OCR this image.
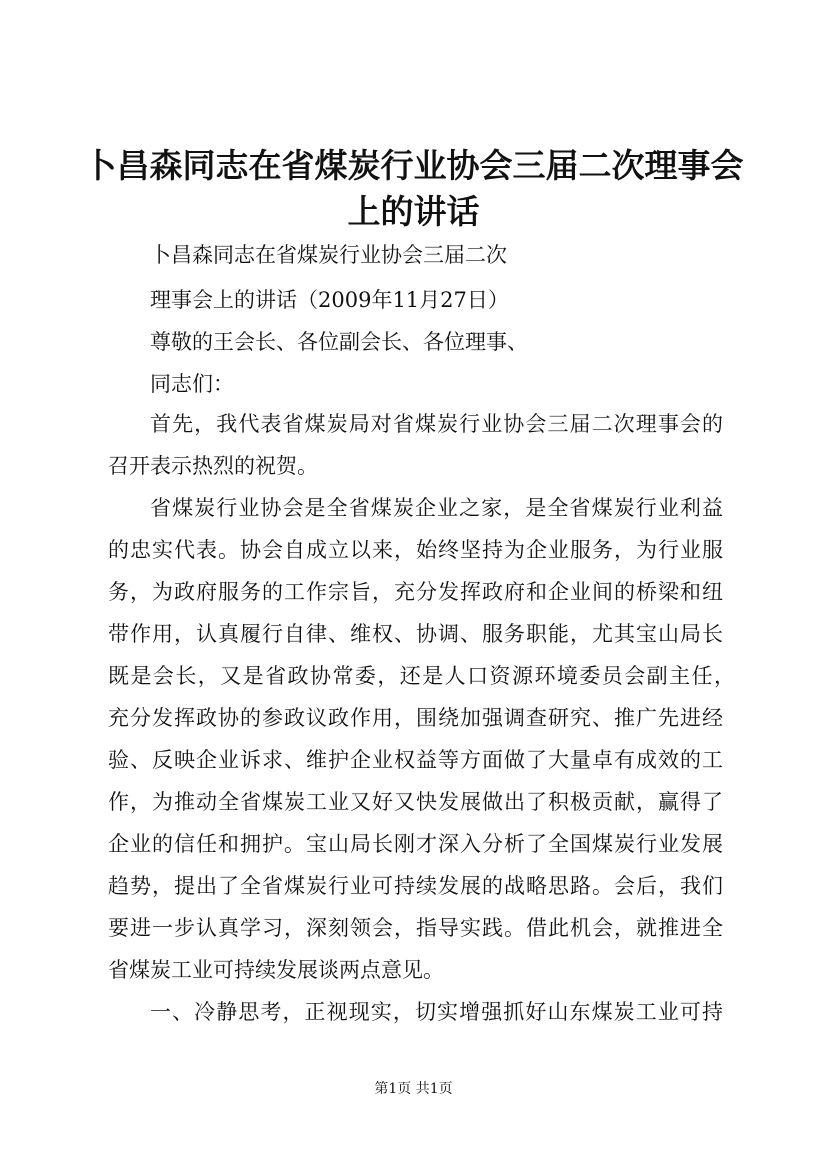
卜昌森同志在省煤炭行业协会三届二次理事会
上的讲话
卜昌森同志在省煤炭行业协会三届二次
理事会上的讲话（2009年11月27日）
尊敬的王会长、各位副会长、各位理事、
同志们：
首先，我代表省煤炭局对省煤炭行业协会三届二次理事会的
召开表示热烈的祝贺。
省煤炭行业协会是全省煤炭企业之家，是全省煤炭行业利益
的忠实代表。协会自成立以来，始终坚持为企业服务，为行业服
务，为政府服务的工作宗旨，充分发挥政府和企业间的桥梁和纽
带作用，认真履行自律、维权、协调、服务职能，尤其宝山局长
既是会长，又是省政协常委，还是人口资源环境委员会副主任，
充分发挥政协的参政议政作用，围绕加强调查研究、推广先进经
验、反映企业诉求、维护企业权益等方面做了大量卓有成效的工
作，为推动全省煤炭工业又好又快发展做出了积极贡献，赢得了
企业的信任和拥护。宝山局长刚才深入分析了全国煤炭行业发展
趋势，提出了全省煤炭行业可持续发展的战略思路。会后，我们
要进一步认真学习，深刻领会，指导实践。借此机会，就推进全
省煤炭工业可持续发展谈两点意见。
一、冷静思考，正视现实，切实增强抓好山东煤炭工业可持
第1页 共1页
